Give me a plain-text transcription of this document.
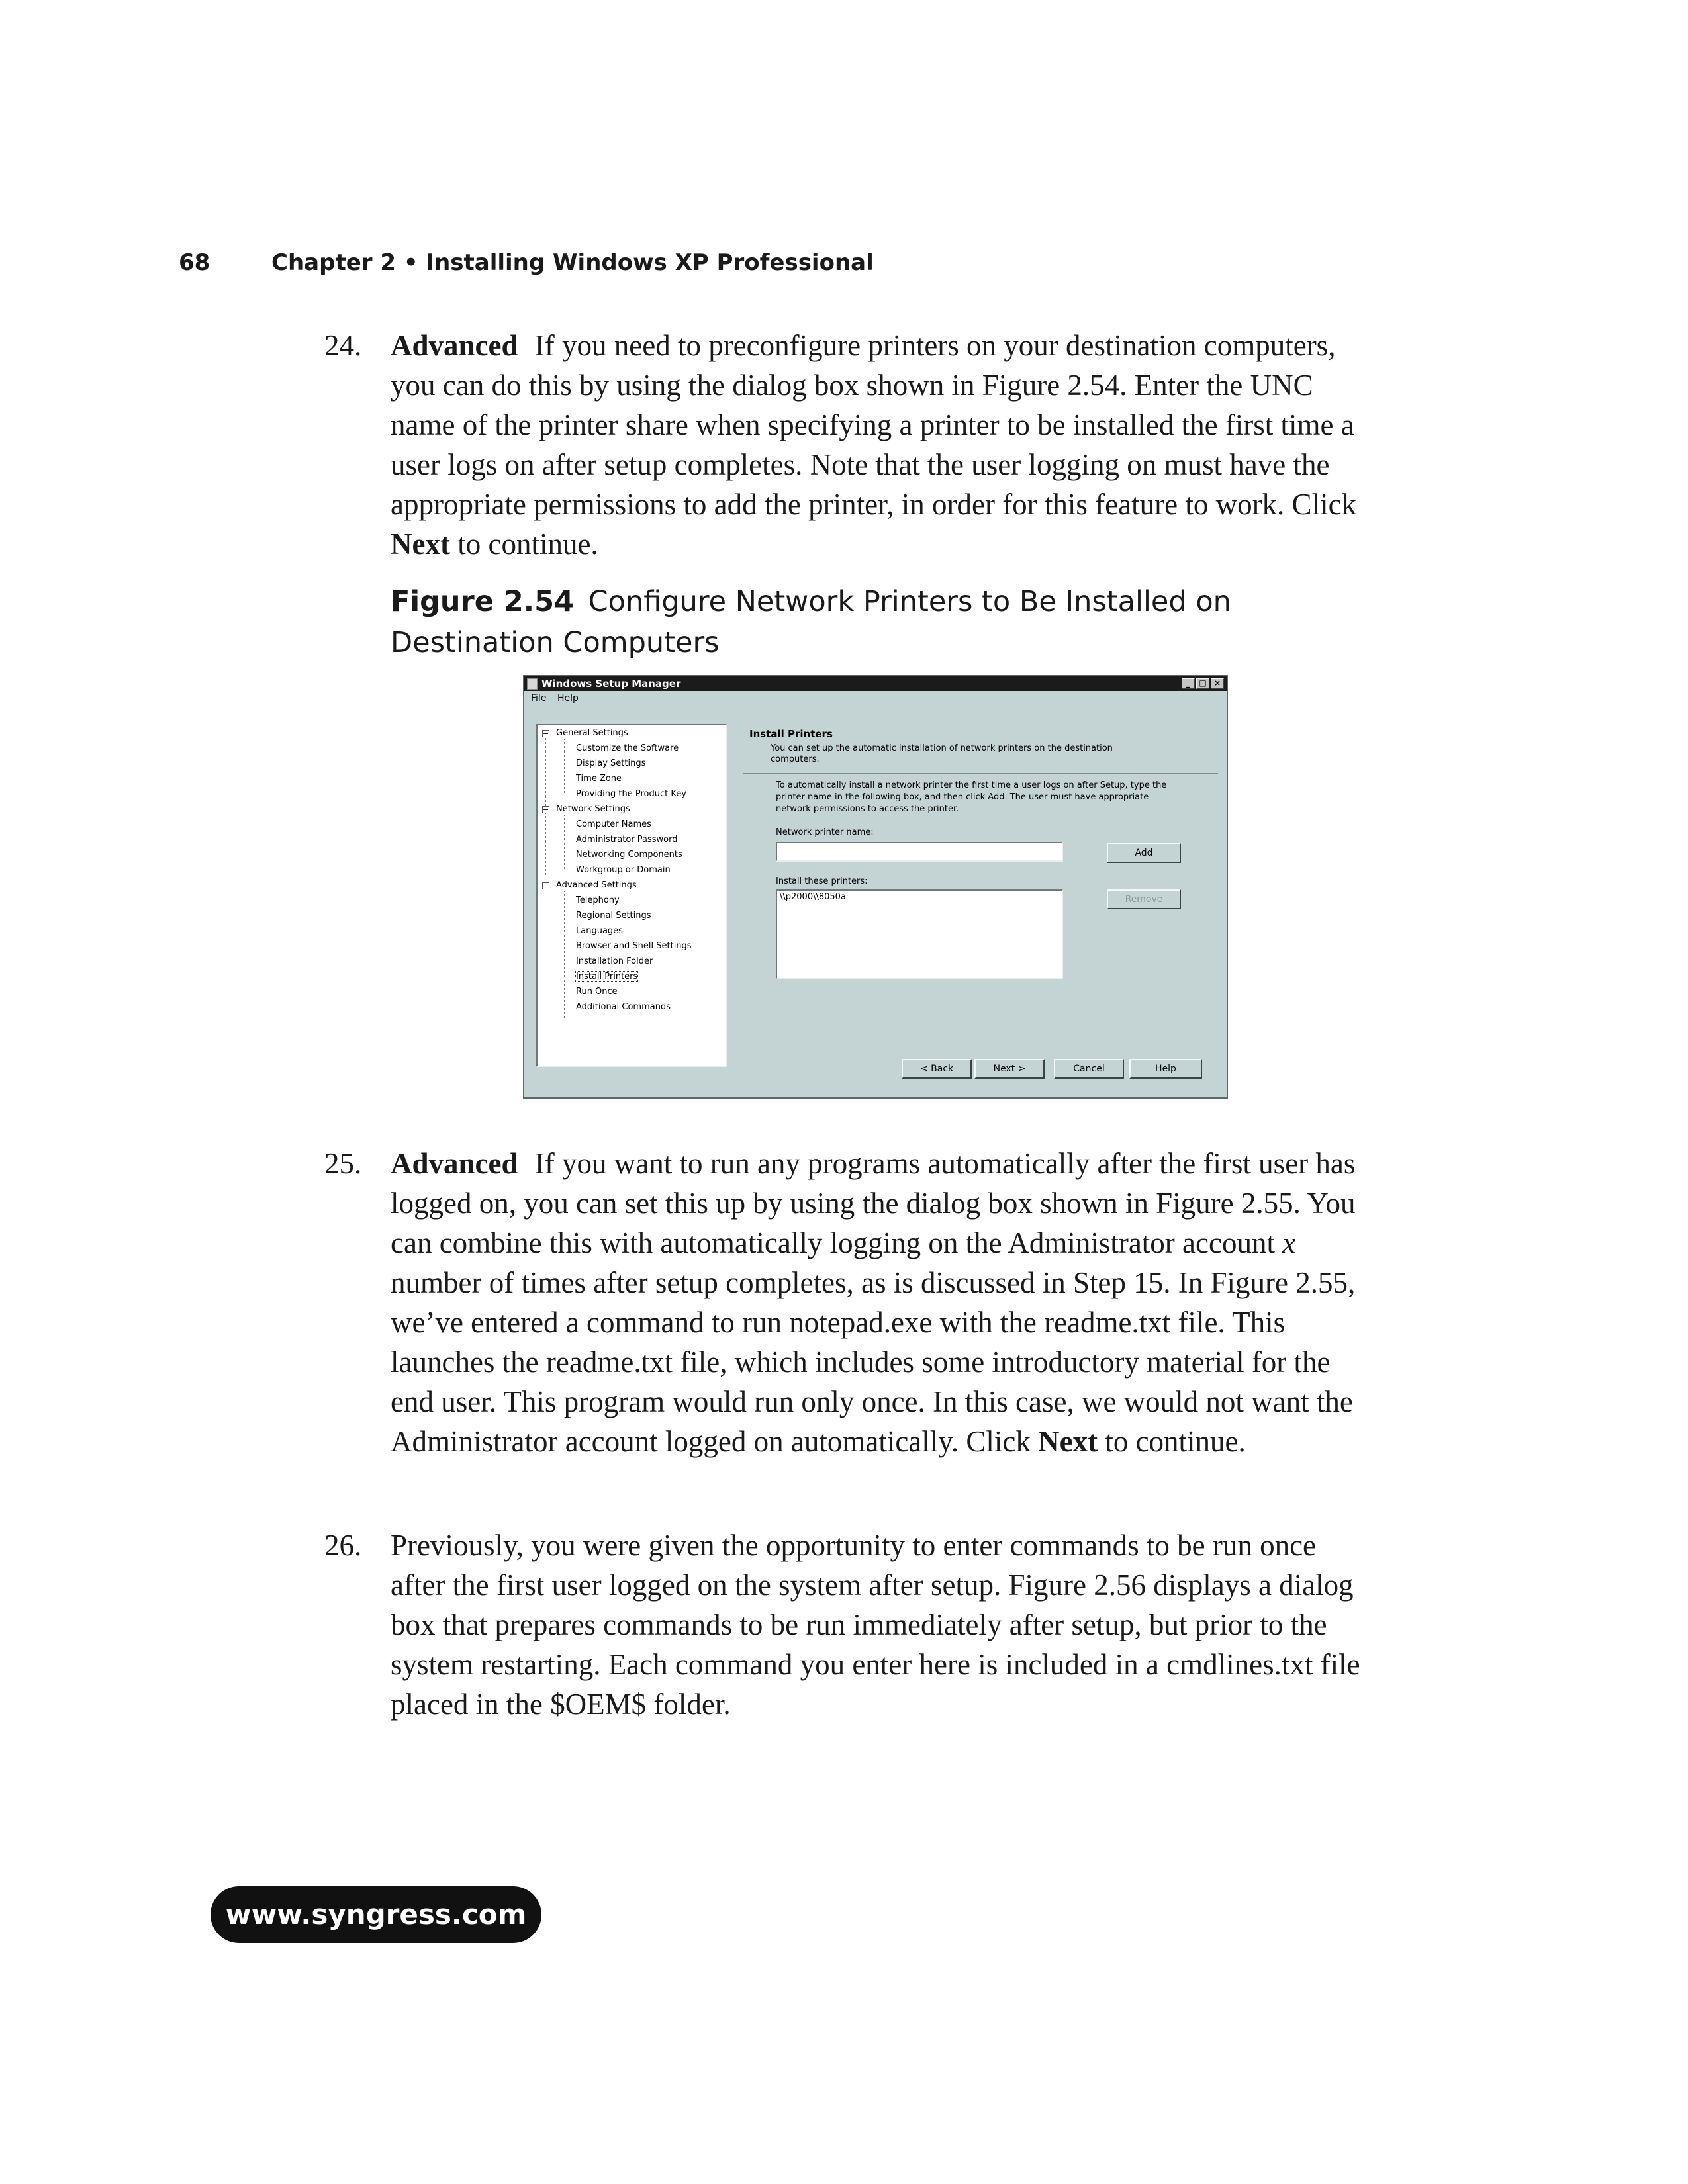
68	Chapter 2 • Installing Windows XP Professional
24. Advanced If you need to preconfigure printers on your destination computers, you can do this by using the dialog box shown in Figure 2.54. Enter the UNC name of the printer share when specifying a printer to be installed the first time a user logs on after setup completes. Note that the user logging on must have the appropriate permissions to add the printer, in order for this feature to work. Click Next to continue.
Figure 2.54 Configure Network Printers to Be Installed on Destination Computers
Windows Setup Manager	_	□ ×
File Help
− General Settings
Customize the Software
Display Settings
Time Zone
Providing the Product Key
− Network Settings
Computer Names
Administrator Password
Networking Components
Workgroup or Domain
− Advanced Settings
Telephony
Regional Settings
Languages
Browser and Shell Settings
Installation Folder
Install Printers
Run Once
Additional Commands
Install Printers
You can set up the automatic installation of network printers on the destination computers.
To automatically install a network printer the first time a user logs on after Setup, type the printer name in the following box, and then click Add. The user must have appropriate network permissions to access the printer.
Network printer name:
Add
Install these printers:
\\p2000\\8050a	Remove
< Back	Next >	Cancel	Help
25. Advanced If you want to run any programs automatically after the first user has logged on, you can set this up by using the dialog box shown in Figure 2.55. You can combine this with automatically logging on the Administrator account x number of times after setup completes, as is discussed in Step 15. In Figure 2.55, we’ve entered a command to run notepad.exe with the readme.txt file. This launches the readme.txt file, which includes some introductory material for the end user. This program would run only once. In this case, we would not want the Administrator account logged on automatically. Click Next to continue.
26. Previously, you were given the opportunity to enter commands to be run once after the first user logged on the system after setup. Figure 2.56 displays a dialog box that prepares commands to be run immediately after setup, but prior to the system restarting. Each command you enter here is included in a cmdlines.txt file placed in the $OEM$ folder.
www.syngress.com
